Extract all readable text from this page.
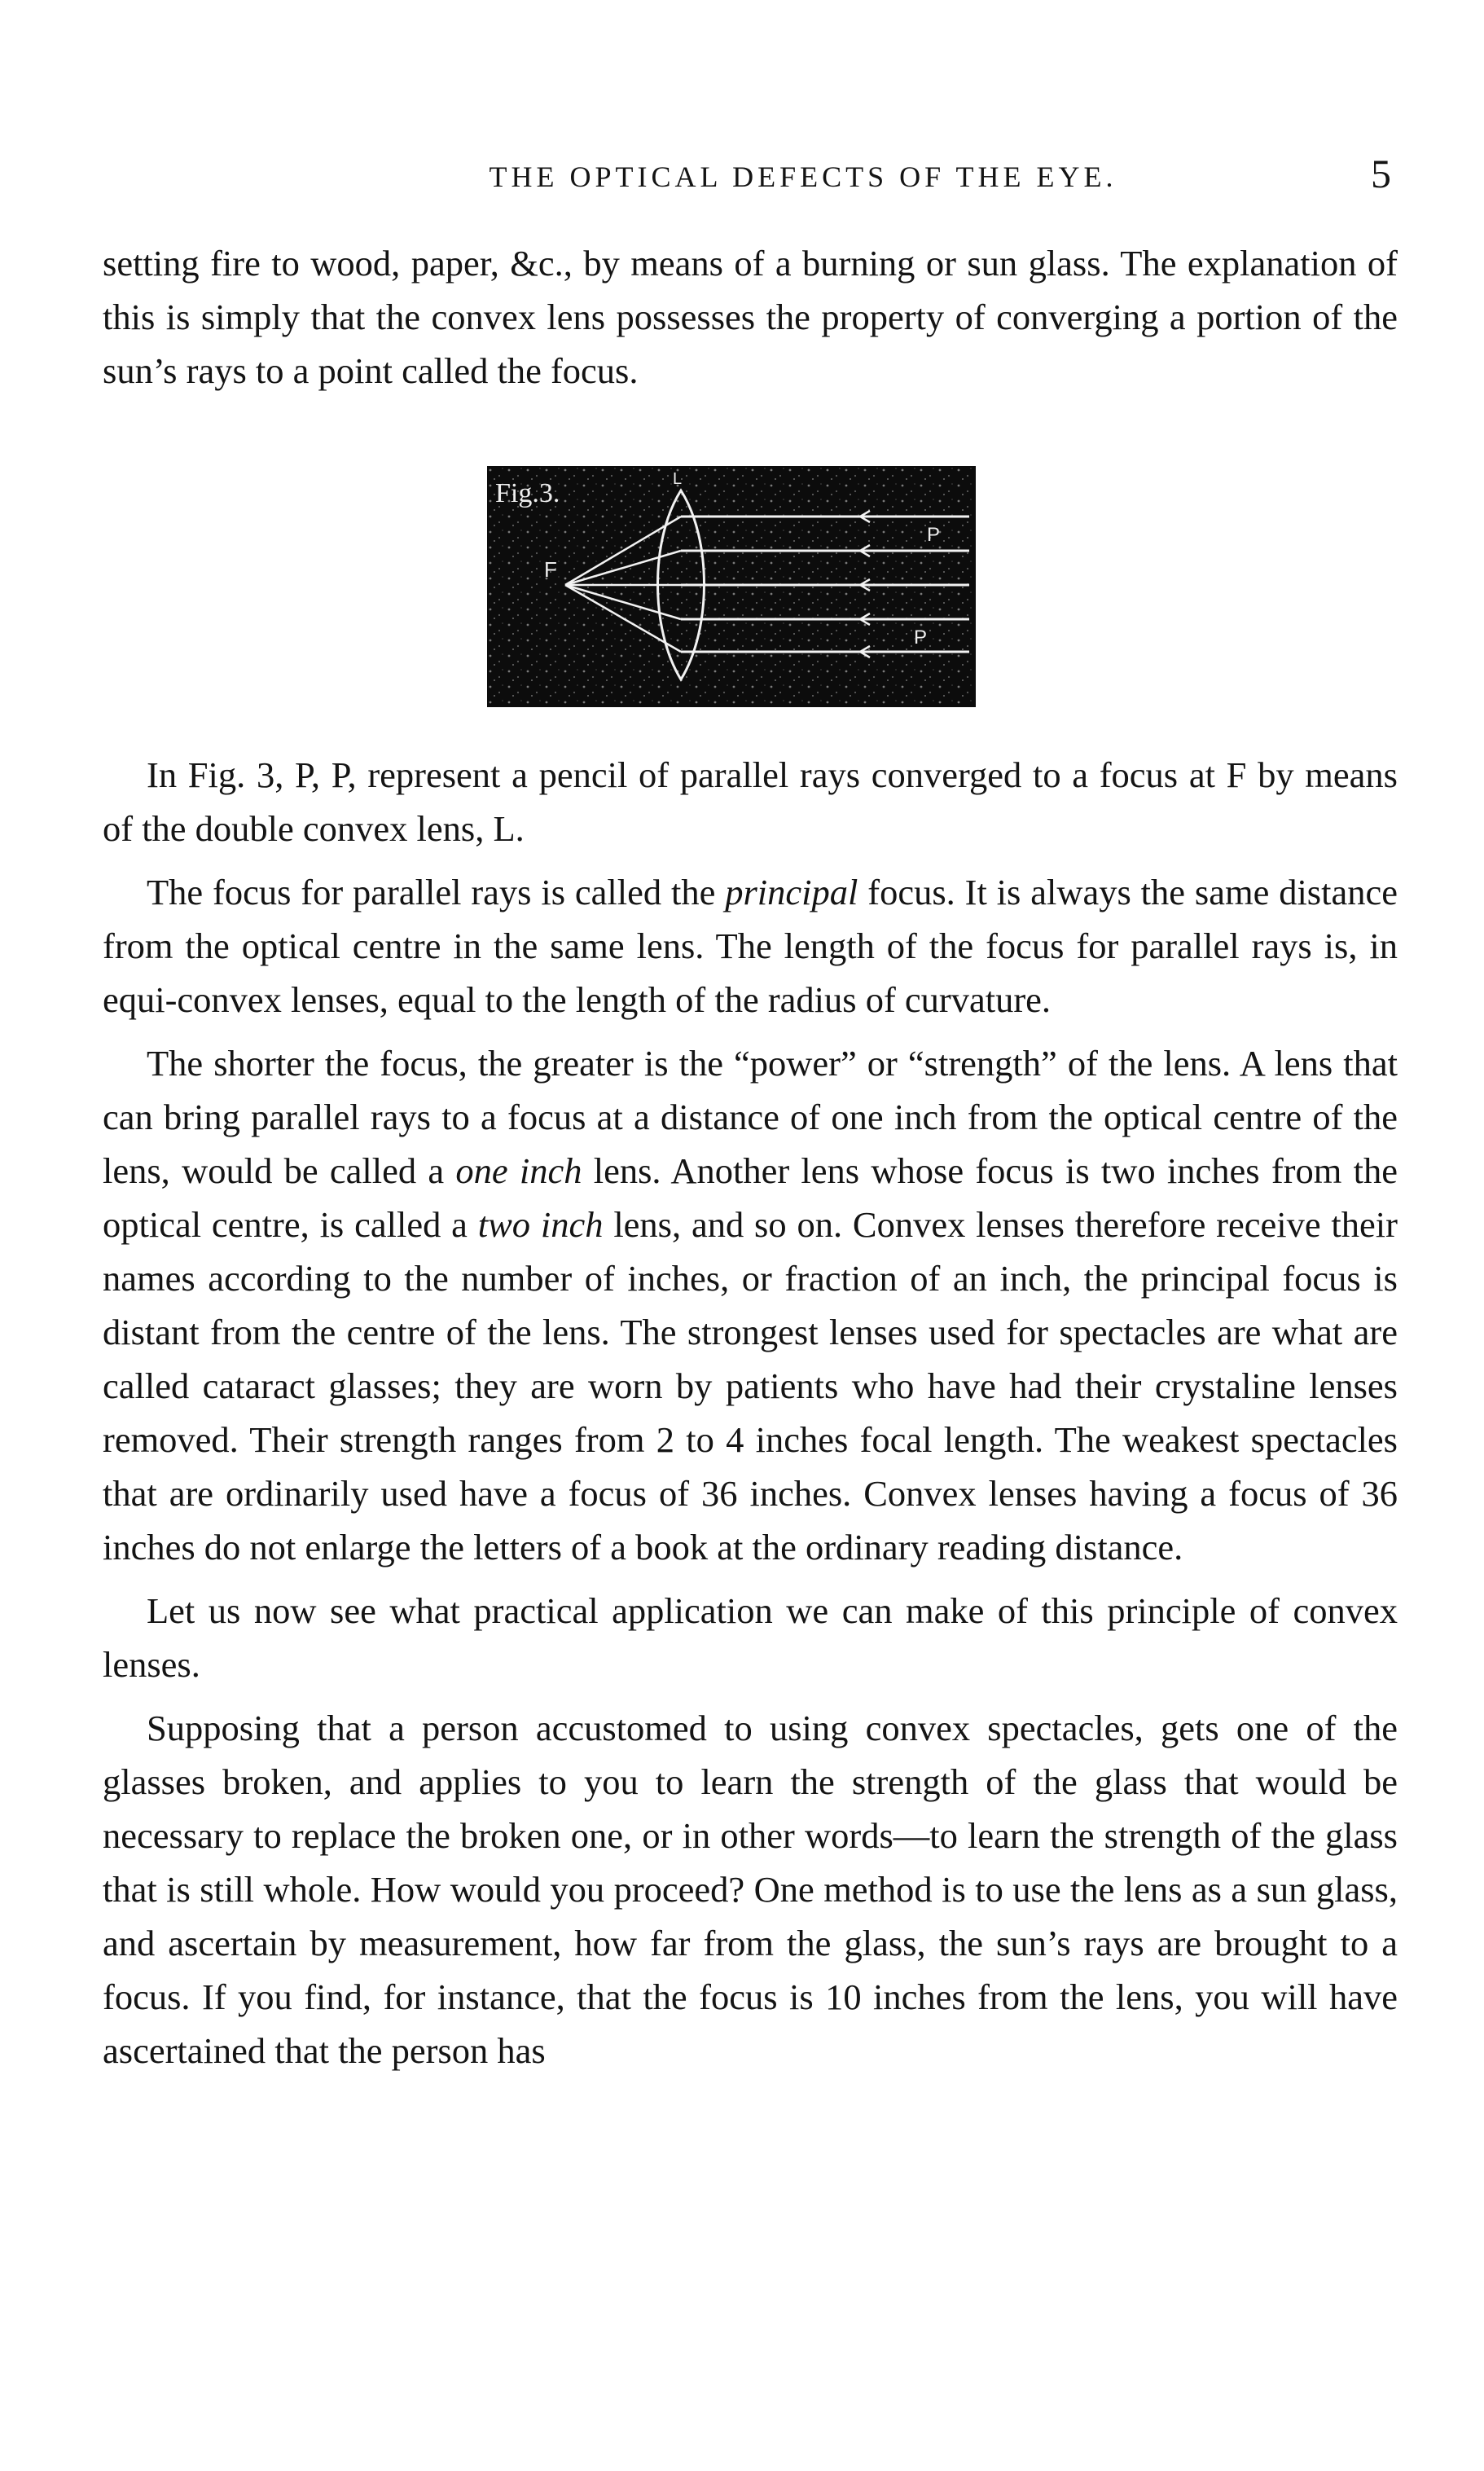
THE OPTICAL DEFECTS OF THE EYE.	5

setting fire to wood, paper, &c., by means of a burning or sun glass. The explanation of this is simply that the convex lens possesses the property of converging a portion of the sun’s rays to a point called the focus.

Fig.3.	L
F
P
P

In Fig. 3, P, P, represent a pencil of parallel rays converged to a focus at F by means of the double convex lens, L.

The focus for parallel rays is called the principal focus. It is always the same distance from the optical centre in the same lens. The length of the focus for parallel rays is, in equi-convex lenses, equal to the length of the radius of curvature.

The shorter the focus, the greater is the “power” or “strength” of the lens. A lens that can bring parallel rays to a focus at a distance of one inch from the optical centre of the lens, would be called a one inch lens. Another lens whose focus is two inches from the optical centre, is called a two inch lens, and so on. Convex lenses therefore receive their names according to the number of inches, or fraction of an inch, the principal focus is distant from the centre of the lens. The strongest lenses used for spectacles are what are called cataract glasses; they are worn by patients who have had their crystaline lenses removed. Their strength ranges from 2 to 4 inches focal length. The weakest spectacles that are ordinarily used have a focus of 36 inches. Convex lenses having a focus of 36 inches do not enlarge the letters of a book at the ordinary reading distance.

Let us now see what practical application we can make of this principle of convex lenses.

Supposing that a person accustomed to using convex spectacles, gets one of the glasses broken, and applies to you to learn the strength of the glass that would be necessary to replace the broken one, or in other words—to learn the strength of the glass that is still whole. How would you proceed? One method is to use the lens as a sun glass, and ascertain by measurement, how far from the glass, the sun’s rays are brought to a focus. If you find, for instance, that the focus is 10 inches from the lens, you will have ascertained that the person has
